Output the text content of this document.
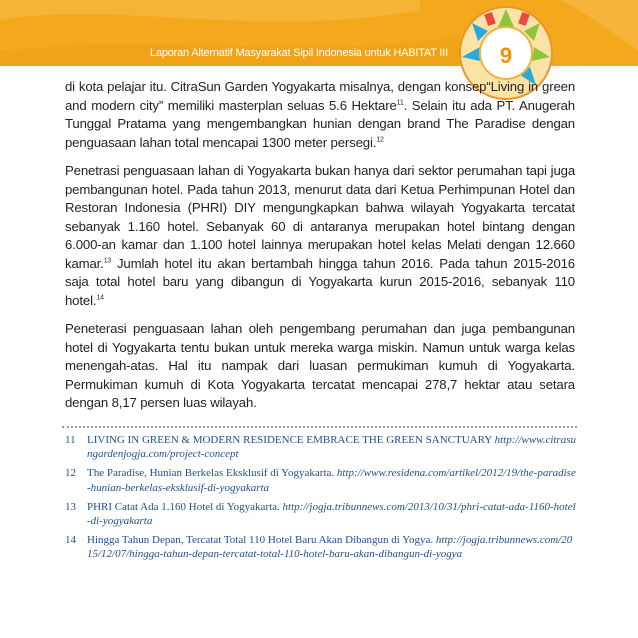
Laporan Alternatif Masyarakat Sipil Indonesia untuk HABITAT III	9

di kota pelajar itu. CitraSun Garden Yogyakarta misalnya, dengan konsep“Living in green and modern city” memiliki masterplan seluas 5.6 Hektare$^{11}$. Selain itu ada PT. Anugerah Tunggal Pratama yang mengembangkan hunian dengan brand The Paradise dengan penguasaan lahan total mencapai 1300 meter persegi.$^{12}$

Penetrasi penguasaan lahan di Yogyakarta bukan hanya dari sektor perumahan tapi juga pembangunan hotel. Pada tahun 2013, menurut data dari Ketua Perhimpunan Hotel dan Restoran Indonesia (PHRI) DIY mengungkapkan bahwa wilayah Yogyakarta tercatat sebanyak 1.160 hotel. Sebanyak 60 di antaranya merupakan hotel bintang dengan 6.000-an kamar dan 1.100 hotel lainnya merupakan hotel kelas Melati dengan 12.660 kamar.$^{13}$ Jumlah hotel itu akan bertambah hingga tahun 2016. Pada tahun 2015-2016 saja total hotel baru yang dibangun di Yogyakarta kurun 2015-2016, sebanyak 110 hotel.$^{14}$

Peneterasi penguasaan lahan oleh pengembang perumahan dan juga pembangunan hotel di Yogyakarta tentu bukan untuk mereka warga miskin. Namun untuk warga kelas menengah-atas. Hal itu nampak dari luasan permukiman kumuh di Yogyakarta. Permukiman kumuh di Kota Yogyakarta tercatat mencapai 278,7 hektar atau setara dengan 8,17 persen luas wilayah.

11	LIVING IN GREEN & MODERN RESIDENCE EMBRACE THE GREEN SANCTUARY http://www.citrasungardenjogja.com/project-concept
12	The Paradise, Hunian Berkelas Eksklusif di Yogyakarta. http://www.residena.com/artikel/2012/19/the-paradise-hunian-berkelas-eksklusif-di-yogyakarta
13	PHRI Catat Ada 1.160 Hotel di Yogyakarta. http://jogja.tribunnews.com/2013/10/31/phri-catat-ada-1160-hotel-di-yogyakarta
14	Hingga Tahun Depan, Tercatat Total 110 Hotel Baru Akan Dibangun di Yogya. http://jogja.tribunnews.com/2015/12/07/hingga-tahun-depan-tercatat-total-110-hotel-baru-akan-dibangun-di-yogya
